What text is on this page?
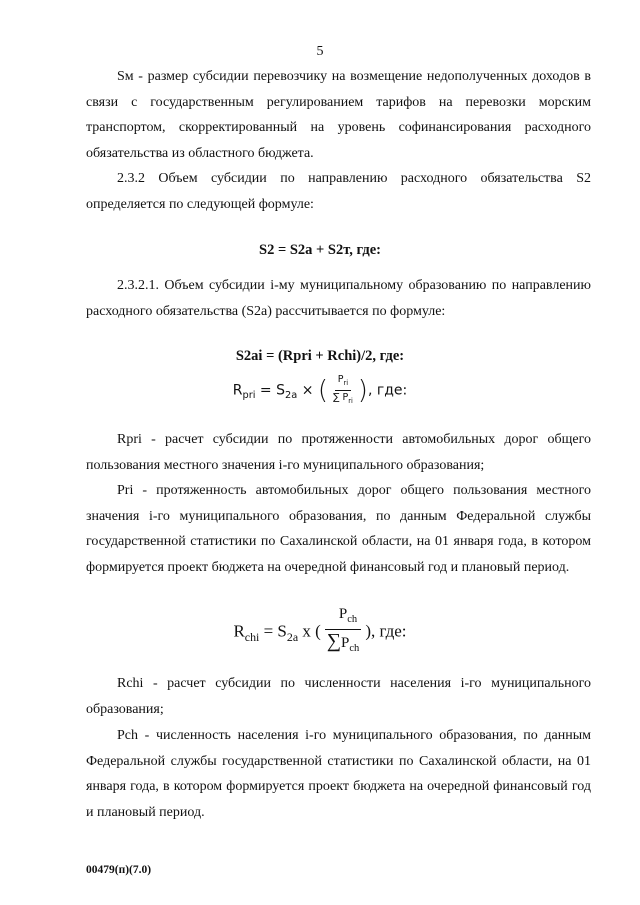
5

Sм - размер субсидии перевозчику на возмещение недополученных доходов в связи с государственным регулированием тарифов на перевозки морским транспортом, скорректированный на уровень софинансирования расходного обязательства из областного бюджета.

2.3.2 Объем субсидии по направлению расходного обязательства S2 определяется по следующей формуле:

S2 = S2a + S2т, где:

2.3.2.1. Объем субсидии i-му муниципальному образованию по направлению расходного обязательства (S2a) рассчитывается по формуле:

S2ai = (Rpri + Rchi)/2, где:
$R_{pri} = S_{2a}$ × ( $\frac{P_{ri}}{\sum P_{ri}}$ ), где:

Rpri - расчет субсидии по протяженности автомобильных дорог общего пользования местного значения i-го муниципального образования;

Pri - протяженность автомобильных дорог общего пользования местного значения i-го муниципального образования, по данным Федеральной службы государственной статистики по Сахалинской области, на 01 января года, в котором формируется проект бюджета на очередной финансовый год и плановый период.

$R_{chi} = S_{2a}$ x ( $\frac{P_{ch}}{\sum P_{ch}}$ ), где:

Rchi - расчет субсидии по численности населения i-го муниципального образования;

Pch - численность населения i-го муниципального образования, по данным Федеральной службы государственной статистики по Сахалинской области, на 01 января года, в котором формируется проект бюджета на очередной финансовый год и плановый период.

00479(п)(7.0)
